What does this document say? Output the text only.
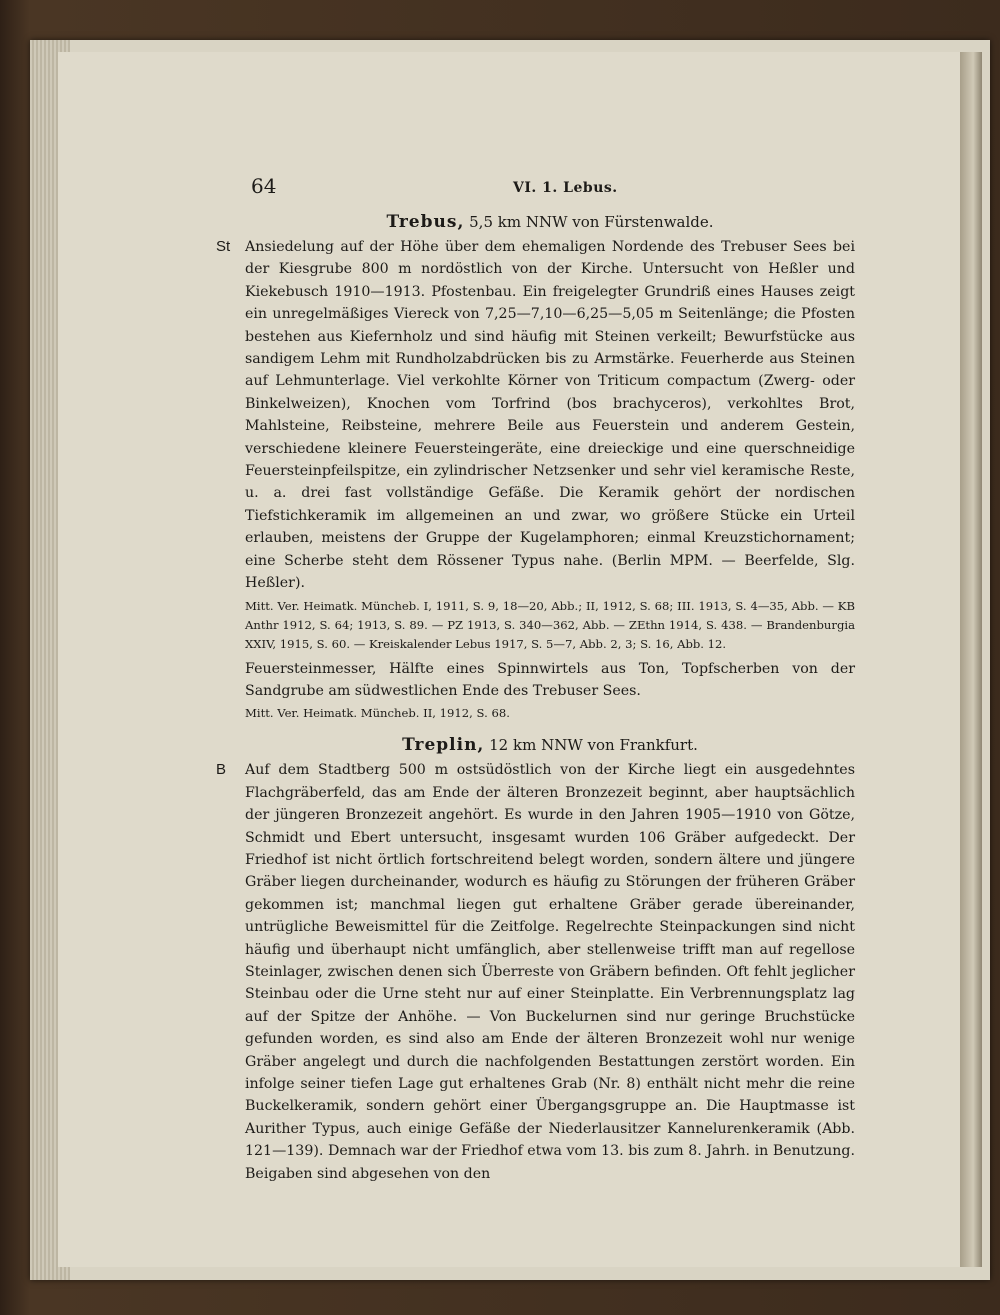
64	VI. 1. Lebus.
Trebus, 5,5 km NNW von Fürstenwalde.

St Ansiedelung auf der Höhe über dem ehemaligen Nordende des Trebuser Sees bei der Kiesgrube 800 m nordöstlich von der Kirche. Untersucht von Heßler und Kiekebusch 1910—1913. Pfostenbau. Ein freigelegter Grundriß eines Hauses zeigt ein unregelmäßiges Viereck von 7,25—7,10—6,25—5,05 m Seitenlänge; die Pfosten bestehen aus Kiefernholz und sind häufig mit Steinen verkeilt; Bewurfstücke aus sandigem Lehm mit Rundholzabdrücken bis zu Armstärke. Feuerherde aus Steinen auf Lehmunterlage. Viel verkohlte Körner von Triticum compactum (Zwerg- oder Binkelweizen), Knochen vom Torfrind (bos brachyceros), verkohltes Brot, Mahlsteine, Reibsteine, mehrere Beile aus Feuerstein und anderem Gestein, verschiedene kleinere Feuersteingeräte, eine dreieckige und eine querschneidige Feuersteinpfeilspitze, ein zylindrischer Netzsenker und sehr viel keramische Reste, u. a. drei fast vollständige Gefäße. Die Keramik gehört der nordischen Tiefstichkeramik im allgemeinen an und zwar, wo größere Stücke ein Urteil erlauben, meistens der Gruppe der Kugelamphoren; einmal Kreuzstichornament; eine Scherbe steht dem Rössener Typus nahe. (Berlin MPM. — Beerfelde, Slg. Heßler).

Mitt. Ver. Heimatk. Müncheb. I, 1911, S. 9, 18—20, Abb.; II, 1912, S. 68; III. 1913, S. 4—35, Abb. — KB Anthr 1912, S. 64; 1913, S. 89. — PZ 1913, S. 340—362, Abb. — ZEthn 1914, S. 438. — Brandenburgia XXIV, 1915, S. 60. — Kreiskalender Lebus 1917, S. 5—7, Abb. 2, 3; S. 16, Abb. 12.

Feuersteinmesser, Hälfte eines Spinnwirtels aus Ton, Topfscherben von der Sandgrube am südwestlichen Ende des Trebuser Sees.

Mitt. Ver. Heimatk. Müncheb. II, 1912, S. 68.

Treplin, 12 km NNW von Frankfurt.

B Auf dem Stadtberg 500 m ostsüdöstlich von der Kirche liegt ein ausgedehntes Flachgräberfeld, das am Ende der älteren Bronzezeit beginnt, aber hauptsächlich der jüngeren Bronzezeit angehört. Es wurde in den Jahren 1905—1910 von Götze, Schmidt und Ebert untersucht, insgesamt wurden 106 Gräber aufgedeckt. Der Friedhof ist nicht örtlich fortschreitend belegt worden, sondern ältere und jüngere Gräber liegen durcheinander, wodurch es häufig zu Störungen der früheren Gräber gekommen ist; manchmal liegen gut erhaltene Gräber gerade übereinander, untrügliche Beweismittel für die Zeitfolge. Regelrechte Steinpackungen sind nicht häufig und überhaupt nicht umfänglich, aber stellenweise trifft man auf regellose Steinlager, zwischen denen sich Überreste von Gräbern befinden. Oft fehlt jeglicher Steinbau oder die Urne steht nur auf einer Steinplatte. Ein Verbrennungsplatz lag auf der Spitze der Anhöhe. — Von Buckelurnen sind nur geringe Bruchstücke gefunden worden, es sind also am Ende der älteren Bronzezeit wohl nur wenige Gräber angelegt und durch die nachfolgenden Bestattungen zerstört worden. Ein infolge seiner tiefen Lage gut erhaltenes Grab (Nr. 8) enthält nicht mehr die reine Buckelkeramik, sondern gehört einer Übergangsgruppe an. Die Hauptmasse ist Aurither Typus, auch einige Gefäße der Niederlausitzer Kannelurenkeramik (Abb. 121—139). Demnach war der Friedhof etwa vom 13. bis zum 8. Jahrh. in Benutzung. Beigaben sind abgesehen von den
